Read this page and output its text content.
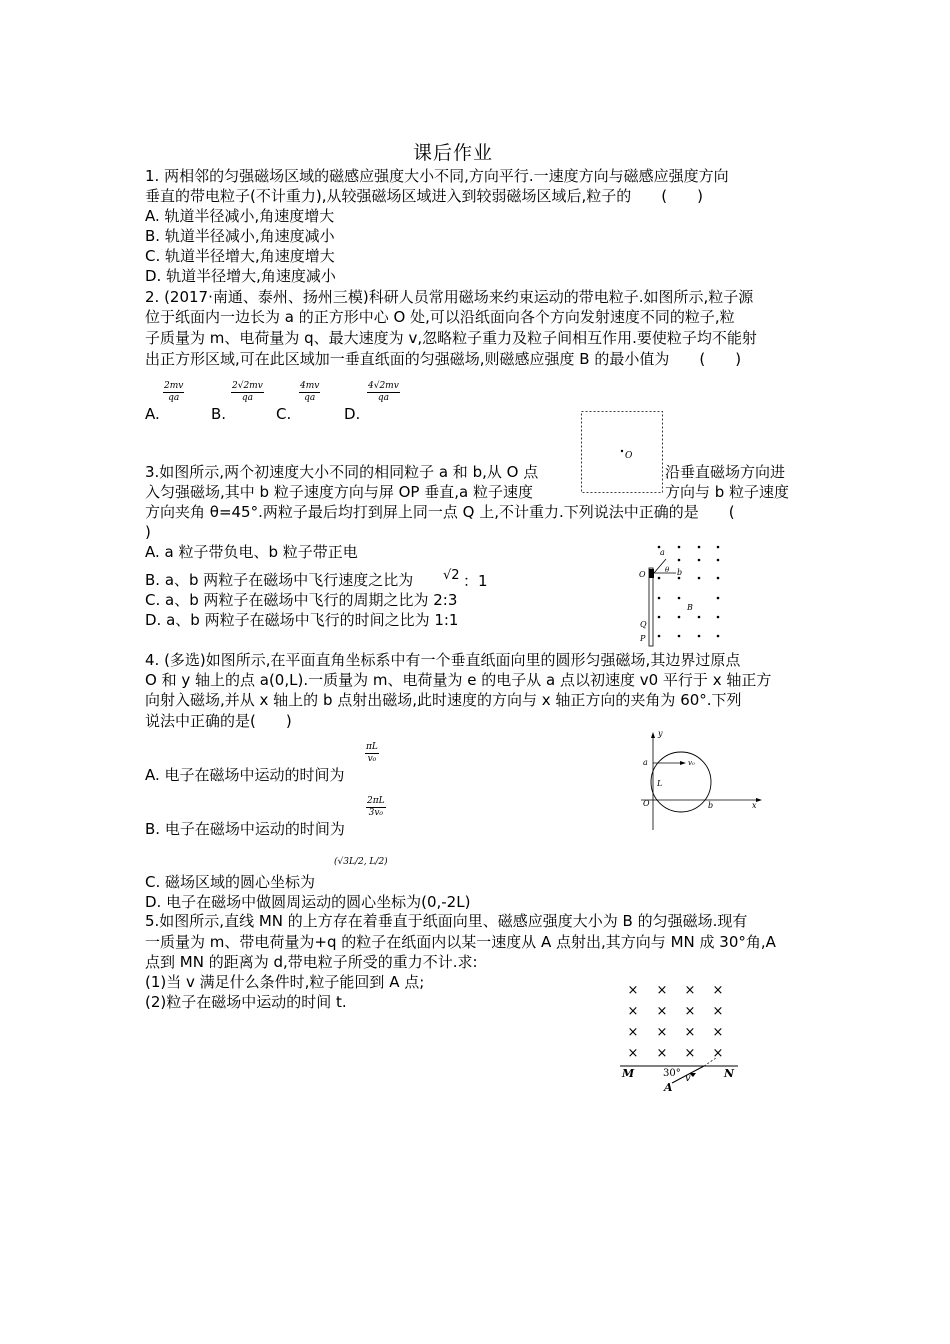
课后作业
1. 两相邻的匀强磁场区域的磁感应强度大小不同,方向平行.一速度方向与磁感应强度方向
垂直的带电粒子(不计重力),从较强磁场区域进入到较弱磁场区域后,粒子的　　(　　)
A. 轨道半径减小,角速度增大
B. 轨道半径减小,角速度减小
C. 轨道半径增大,角速度增大
D. 轨道半径增大,角速度减小
2. (2017·南通、泰州、扬州三模)科研人员常用磁场来约束运动的带电粒子.如图所示,粒子源
位于纸面内一边长为 a 的正方形中心 O 处,可以沿纸面向各个方向发射速度不同的粒子,粒
子质量为 m、电荷量为 q、最大速度为 v,忽略粒子重力及粒子间相互作用.要使粒子均不能射
出正方形区域,可在此区域加一垂直纸面的匀强磁场,则磁感应强度 B 的最小值为　　(　　)
A.
$\frac{2mv}{qa}$
B.
$\frac{2√2mv}{qa}$
C.
$\frac{4mv}{qa}$
D.
$\frac{4√2mv}{qa}$
O
3.如图所示,两个初速度大小不同的相同粒子 a 和 b,从 O 点	沿垂直磁场方向进
入匀强磁场,其中 b 粒子速度方向与屏 OP 垂直,a 粒子速度	方向与 b 粒子速度
方向夹角 θ=45°.两粒子最后均打到屏上同一点 Q 上,不计重力.下列说法中正确的是　　(
)
A. a 粒子带负电、b 粒子带正电
B. a、b 两粒子在磁场中飞行速度之比为 √2 ：1
C. a、b 两粒子在磁场中飞行的周期之比为 2:3
D. a、b 两粒子在磁场中飞行的时间之比为 1:1
a
b
θ
O
B
Q
P
4. (多选)如图所示,在平面直角坐标系中有一个垂直纸面向里的圆形匀强磁场,其边界过原点
O 和 y 轴上的点 a(0,L).一质量为 m、电荷量为 e 的电子从 a 点以初速度 v0 平行于 x 轴正方
向射入磁场,并从 x 轴上的 b 点射出磁场,此时速度的方向与 x 轴正方向的夹角为 60°.下列
说法中正确的是(　　)
A. 电子在磁场中运动的时间为
$\frac{\pi L}{\text{v₀}}$
B. 电子在磁场中运动的时间为
$\frac{2\pi L}{\text{3v₀}}$
C. 磁场区域的圆心坐标为
(√3L/2, L/2)
D. 电子在磁场中做圆周运动的圆心坐标为(0,-2L)
y
a	v₀
L
O	b	x
5.如图所示,直线 MN 的上方存在着垂直于纸面向里、磁感应强度大小为 B 的匀强磁场.现有
一质量为 m、带电荷量为+q 的粒子在纸面内以某一速度从 A 点射出,其方向与 MN 成 30°角,A
点到 MN 的距离为 d,带电粒子所受的重力不计.求:
(1)当 v 满足什么条件时,粒子能回到 A 点;
(2)粒子在磁场中运动的时间 t.
× × × ×
× × × ×
× × × ×
× × × ×
M	30°	N
A
v
